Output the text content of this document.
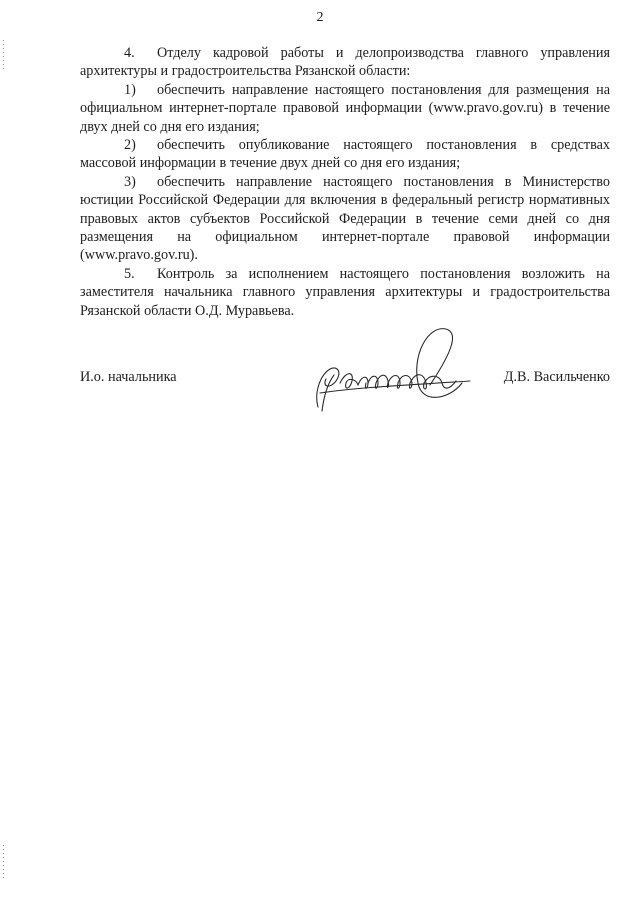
2

4. Отделу кадровой работы и делопроизводства главного управления архитектуры и градостроительства Рязанской области:

1) обеспечить направление настоящего постановления для размещения на официальном интернет-портале правовой информации (www.pravo.gov.ru) в течение двух дней со дня его издания;

2) обеспечить опубликование настоящего постановления в средствах массовой информации в течение двух дней со дня его издания;

3) обеспечить направление настоящего постановления в Министерство юстиции Российской Федерации для включения в федеральный регистр нормативных правовых актов субъектов Российской Федерации в течение семи дней со дня размещения на официальном интернет-портале правовой информации (www.pravo.gov.ru).

5. Контроль за исполнением настоящего постановления возложить на заместителя начальника главного управления архитектуры и градостроительства Рязанской области О.Д. Муравьева.

И.о. начальника	Д.В. Васильченко
